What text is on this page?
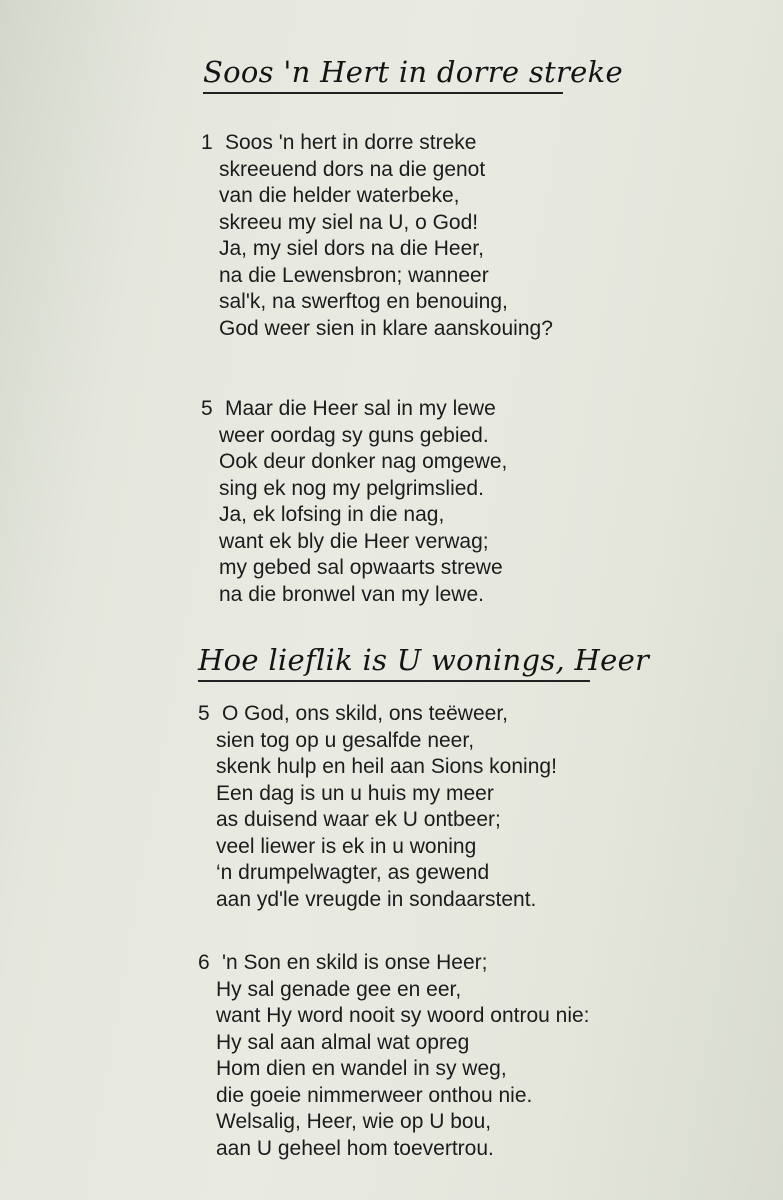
Soos 'n Hert in dorre streke
1 Soos 'n hert in dorre streke
skreeuend dors na die genot
van die helder waterbeke,
skreeu my siel na U, o God!
Ja, my siel dors na die Heer,
na die Lewensbron; wanneer
sal'k, na swerftog en benouing,
God weer sien in klare aanskouing?
5 Maar die Heer sal in my lewe
weer oordag sy guns gebied.
Ook deur donker nag omgewe,
sing ek nog my pelgrimslied.
Ja, ek lofsing in die nag,
want ek bly die Heer verwag;
my gebed sal opwaarts strewe
na die bronwel van my lewe.
Hoe lieflik is U wonings, Heer
5 O God, ons skild, ons teëweer,
sien tog op u gesalfde neer,
skenk hulp en heil aan Sions koning!
Een dag is un u huis my meer
as duisend waar ek U ontbeer;
veel liewer is ek in u woning
‘n drumpelwagter, as gewend
aan yd'le vreugde in sondaarstent.
6 'n Son en skild is onse Heer;
Hy sal genade gee en eer,
want Hy word nooit sy woord ontrou nie:
Hy sal aan almal wat opreg
Hom dien en wandel in sy weg,
die goeie nimmerweer onthou nie.
Welsalig, Heer, wie op U bou,
aan U geheel hom toevertrou.
